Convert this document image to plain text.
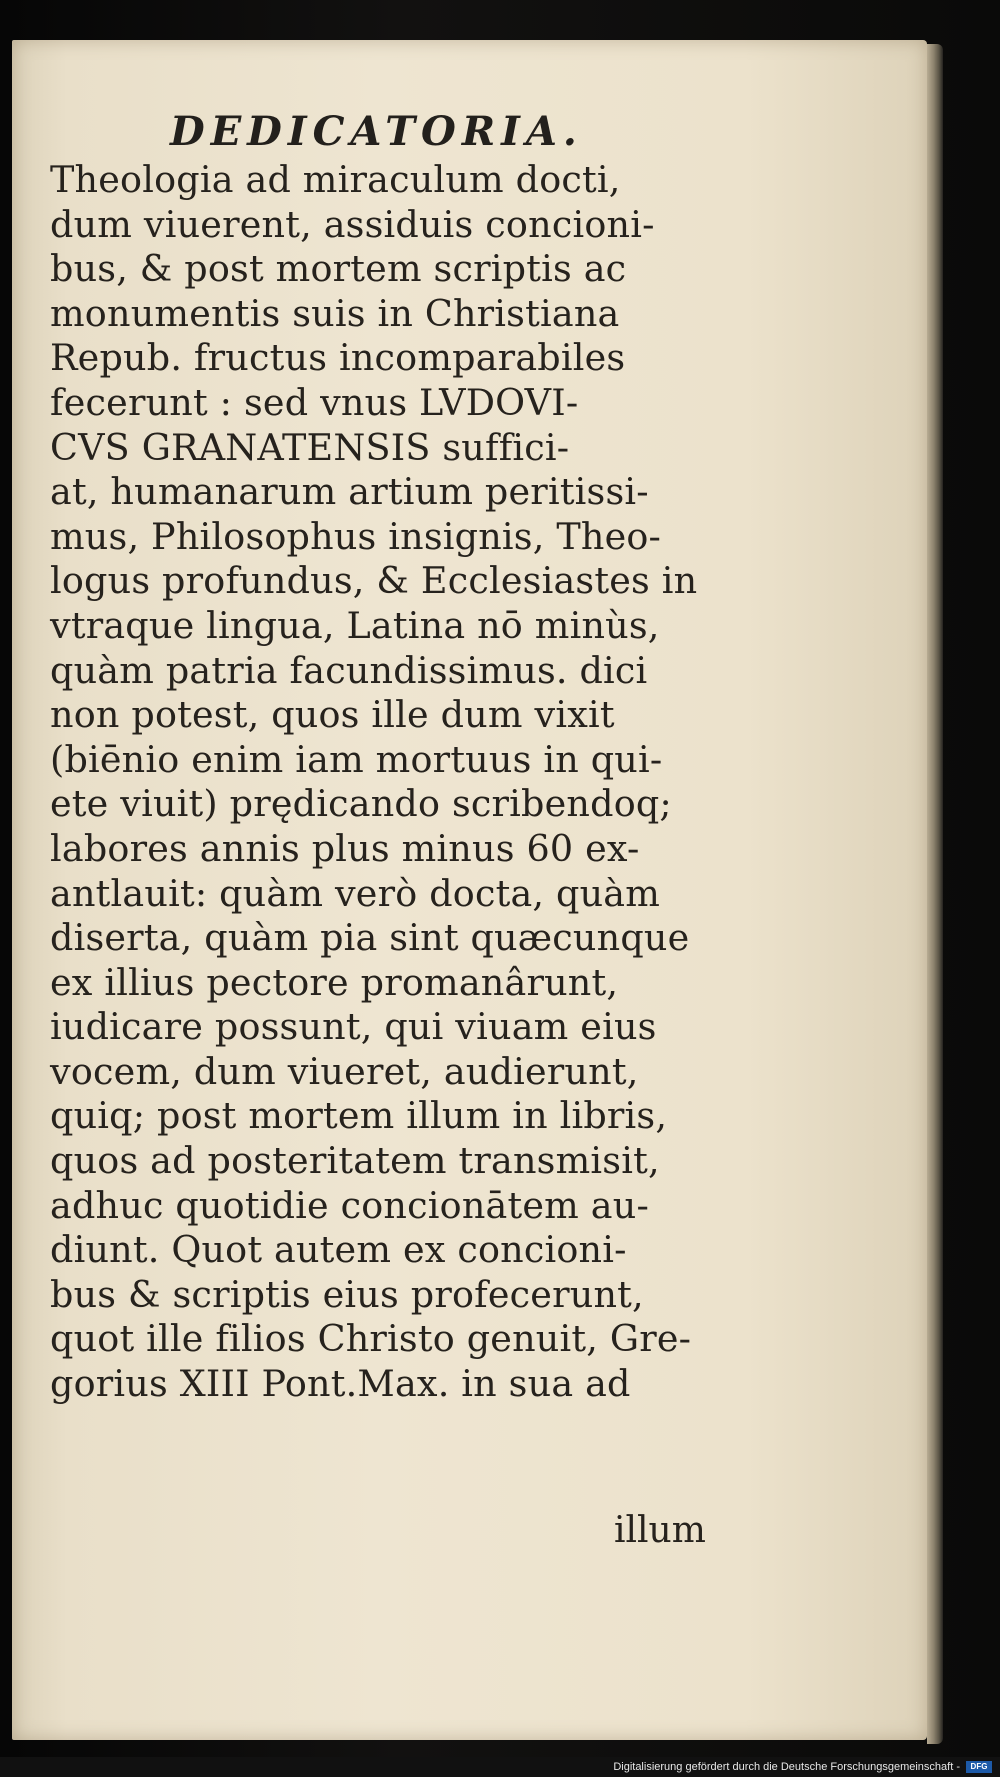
DEDICATORIA.
Theologia ad miraculum docti,
dum viuerent, assiduis concioni-
bus, & post mortem scriptis ac
monumentis suis in Christiana
Repub. fructus incomparabiles
fecerunt : sed vnus LVDOVI-
CVS GRANATENSIS suffici-
at, humanarum artium peritissi-
mus, Philosophus insignis, Theo-
logus profundus, & Ecclesiastes in
vtraque lingua, Latina nō minùs,
quàm patria facundissimus. dici
non potest, quos ille dum vixit
(biēnio enim iam mortuus in qui-
ete viuit) prędicando scribendoq;
labores annis plus minus 60 ex-
antlauit: quàm verò docta, quàm
diserta, quàm pia sint quæcunque
ex illius pectore promanârunt,
iudicare possunt, qui viuam eius
vocem, dum viueret, audierunt,
quiq; post mortem illum in libris,
quos ad posteritatem transmisit,
adhuc quotidie concionātem au-
diunt. Quot autem ex concioni-
bus & scriptis eius profecerunt,
quot ille filios Christo genuit, Gre-
gorius XIII Pont.Max. in sua ad
illum
Digitalisierung gefördert durch die Deutsche Forschungsgemeinschaft -	DFG
